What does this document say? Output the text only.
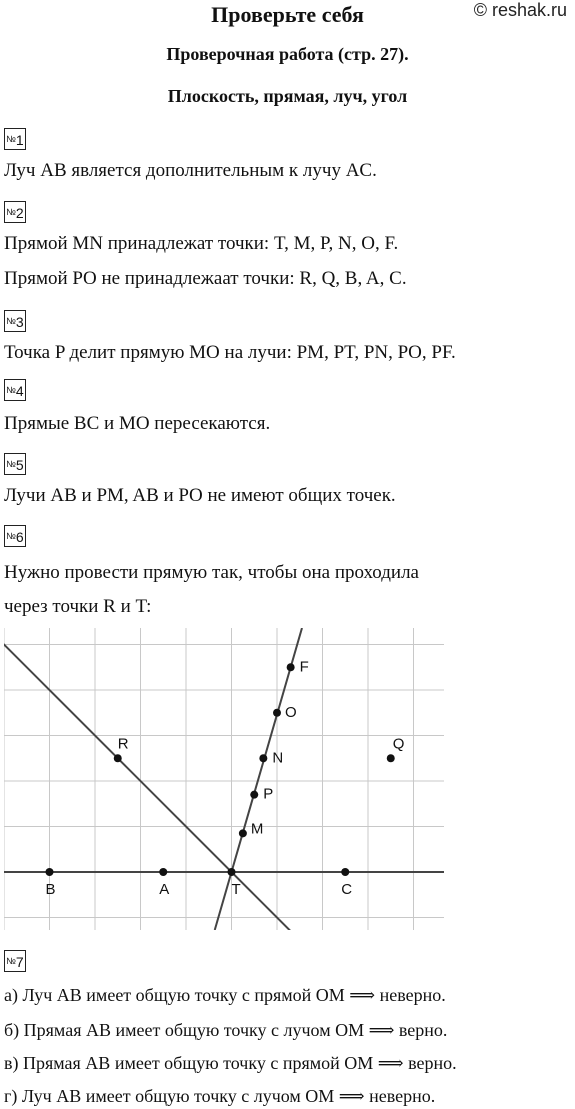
Проверьте себя	© reshak.ru
Проверочная работа (стр. 27).
Плоскость, прямая, луч, угол
№1
Луч AB является дополнительным к лучу AC.
№2
Прямой MN принадлежат точки: T, M, P, N, O, F.
Прямой PO не принадлежаат точки: R, Q, B, A, C.
№3
Точка P делит прямую MO на лучи: PM, PT, PN, PO, PF.
№4
Прямые BC и MO пересекаются.
№5
Лучи AB и PM, AB и PO не имеют общих точек.
№6
Нужно провести прямую так, чтобы она проходила
через точки R и T:
B	A	T	C
M
P
N
O
F
R	Q
№7
а) Луч AB имеет общую точку с прямой OM ⟹ неверно.
б) Прямая AB имеет общую точку с лучом OM ⟹ верно.
в) Прямая AB имеет общую точку с прямой OM ⟹ верно.
г) Луч AB имеет общую точку с лучом OM ⟹ неверно.
